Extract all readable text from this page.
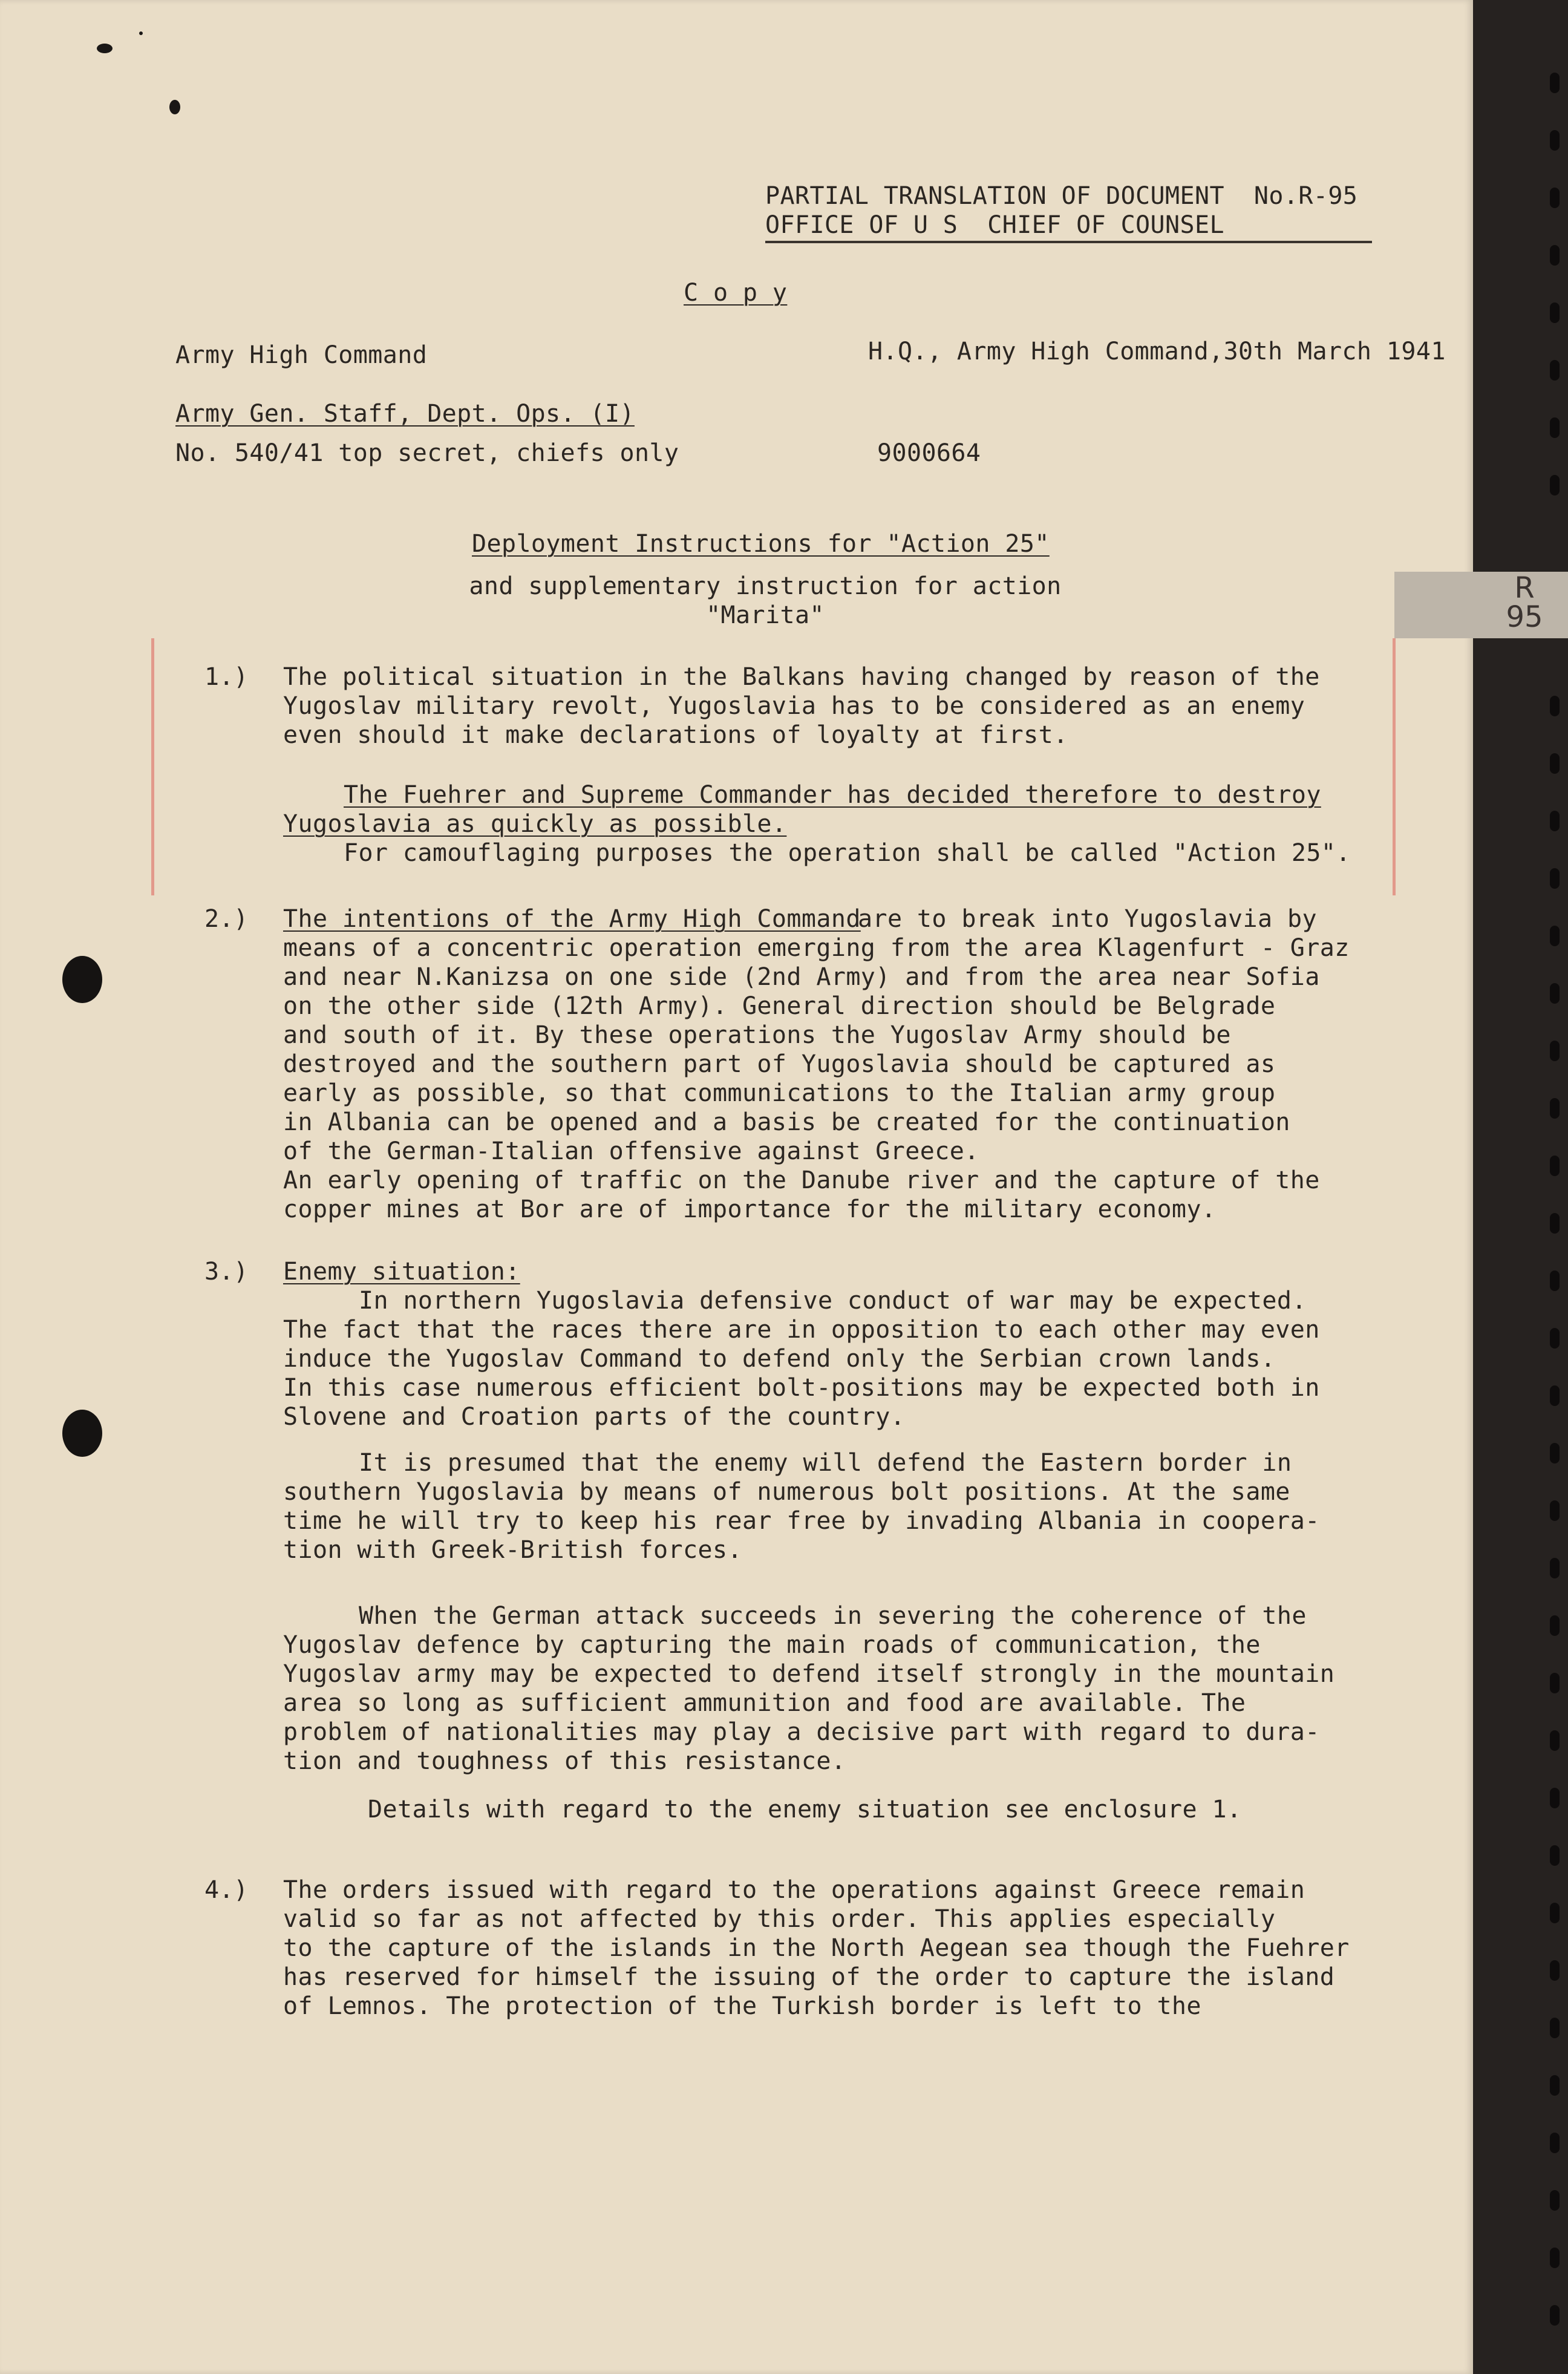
R
95
PARTIAL TRANSLATION OF DOCUMENT  No.R-95
OFFICE OF U S  CHIEF OF COUNSEL
C o p y
Army High Command	H.Q., Army High Command,30th March 1941
Army Gen. Staff, Dept. Ops. (I)
No. 540/41 top secret, chiefs only	9000664
Deployment Instructions for "Action 25"
and supplementary instruction for action
"Marita"
1.) The political situation in the Balkans having changed by reason of the
Yugoslav military revolt, Yugoslavia has to be considered as an enemy
even should it make declarations of loyalty at first.

The Fuehrer and Supreme Commander has decided therefore to destroy
Yugoslavia as quickly as possible.

For camouflaging purposes the operation shall be called "Action 25".

2.) The intentions of the Army High Command

are to break into Yugoslavia by
means of a concentric operation emerging from the area Klagenfurt - Graz
and near N.Kanizsa on one side (2nd Army) and from the area near Sofia
on the other side (12th Army). General direction should be Belgrade
and south of it. By these operations the Yugoslav Army should be
destroyed and the southern part of Yugoslavia should be captured as
early as possible, so that communications to the Italian army group
in Albania can be opened and a basis be created for the continuation
of the German-Italian offensive against Greece.

An early opening of traffic on the Danube river and the capture of the
copper mines at Bor are of importance for the military economy.

3.) Enemy situation:

In northern Yugoslavia defensive conduct of war may be expected.
The fact that the races there are in opposition to each other may even
induce the Yugoslav Command to defend only the Serbian crown lands.
In this case numerous efficient bolt-positions may be expected both in
Slovene and Croation parts of the country.

It is presumed that the enemy will defend the Eastern border in
southern Yugoslavia by means of numerous bolt positions. At the same
time he will try to keep his rear free by invading Albania in coopera-
tion with Greek-British forces.

When the German attack succeeds in severing the coherence of the
Yugoslav defence by capturing the main roads of communication, the
Yugoslav army may be expected to defend itself strongly in the mountain
area so long as sufficient ammunition and food are available. The
problem of nationalities may play a decisive part with regard to dura-
tion and toughness of this resistance.

Details with regard to the enemy situation see enclosure 1.

4.) The orders issued with regard to the operations against Greece remain
valid so far as not affected by this order. This applies especially
to the capture of the islands in the North Aegean sea though the Fuehrer
has reserved for himself the issuing of the order to capture the island
of Lemnos. The protection of the Turkish border is left to the
